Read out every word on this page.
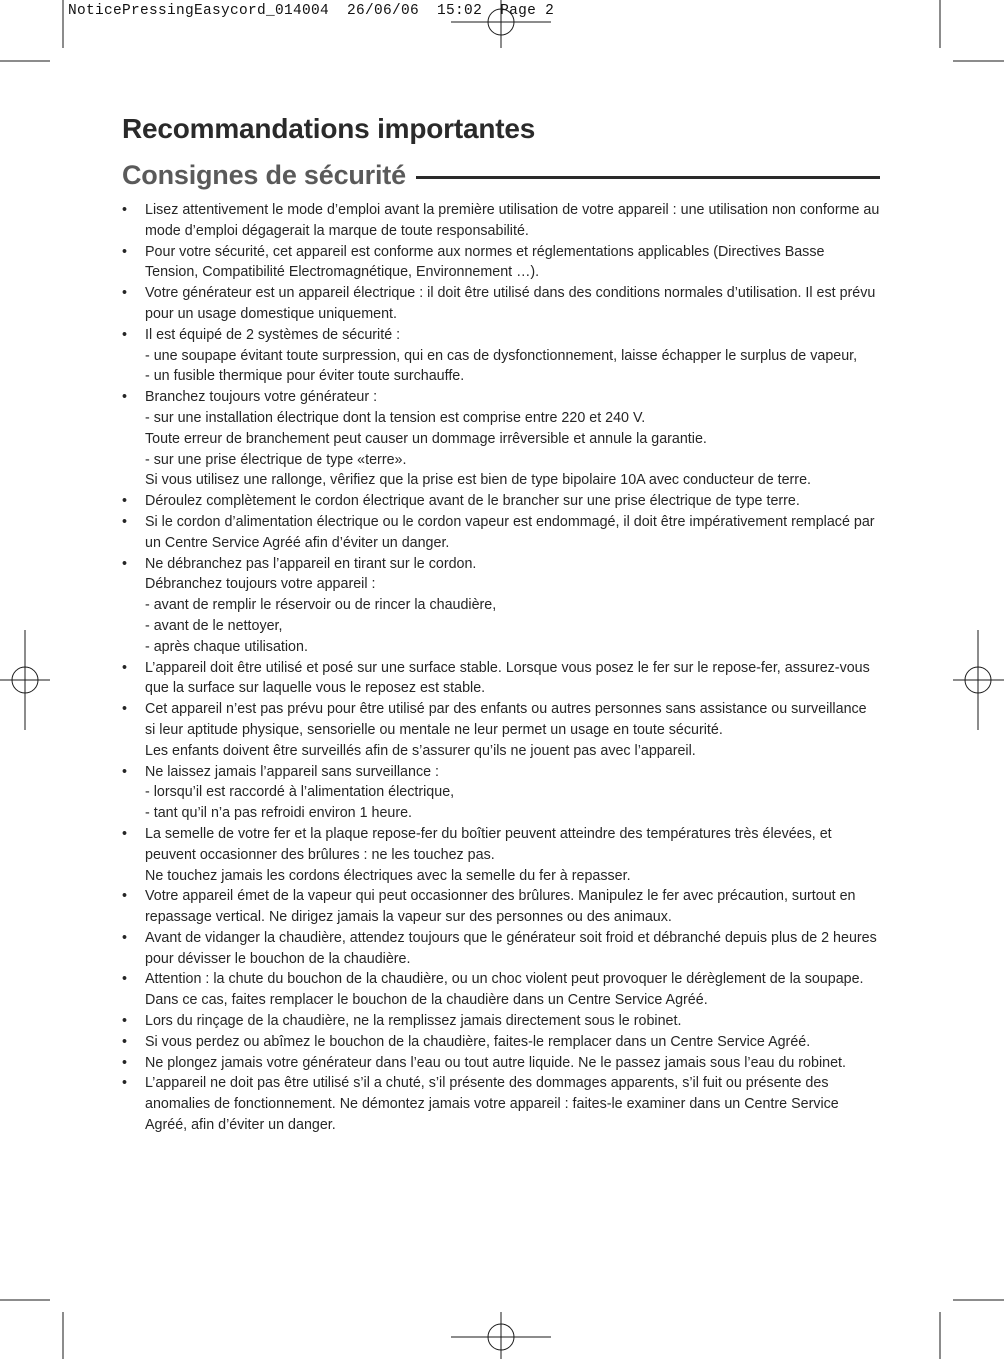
NoticePressingEasycord_014004  26/06/06  15:02  Page 2
Recommandations importantes
Consignes de sécurité
• Lisez attentivement le mode d’emploi avant la première utilisation de votre appareil : une utilisation non conforme au mode d’emploi dégagerait la marque de toute responsabilité.
• Pour votre sécurité, cet appareil est conforme aux normes et réglementations applicables (Directives Basse Tension, Compatibilité Electromagnétique, Environnement …).
• Votre générateur est un appareil électrique : il doit être utilisé dans des conditions normales d’utilisation. Il est prévu pour un usage domestique uniquement.
• Il est équipé de 2 systèmes de sécurité :
- une soupape évitant toute surpression, qui en cas de dysfonctionnement, laisse échapper le surplus de vapeur,
- un fusible thermique pour éviter toute surchauffe.
• Branchez toujours votre générateur :
- sur une installation électrique dont la tension est comprise entre 220 et 240 V.
Toute erreur de branchement peut causer un dommage irrêversible et annule la garantie.
- sur une prise électrique de type «terre».
Si vous utilisez une rallonge, vêrifiez que la prise est bien de type bipolaire 10A avec conducteur de terre.
• Déroulez complètement le cordon électrique avant de le brancher sur une prise électrique de type terre.
• Si le cordon d’alimentation électrique ou le cordon vapeur est endommagé, il doit être impérativement remplacé par un Centre Service Agréé afin d’éviter un danger.
• Ne débranchez pas l’appareil en tirant sur le cordon.
Débranchez toujours votre appareil :
- avant de remplir le réservoir ou de rincer la chaudière,
- avant de le nettoyer,
- après chaque utilisation.
• L’appareil doit être utilisé et posé sur une surface stable. Lorsque vous posez le fer sur le repose-fer, assurez-vous que la surface sur laquelle vous le reposez est stable.
• Cet appareil n’est pas prévu pour être utilisé par des enfants ou autres personnes sans assistance ou surveillance si leur aptitude physique, sensorielle ou mentale ne leur permet un usage en toute sécurité.
Les enfants doivent être surveillés afin de s’assurer qu’ils ne jouent pas avec l’appareil.
• Ne laissez jamais l’appareil sans surveillance :
- lorsqu’il est raccordé à l’alimentation électrique,
- tant qu’il n’a pas refroidi environ 1 heure.
• La semelle de votre fer et la plaque repose-fer du boîtier peuvent atteindre des températures très élevées, et peuvent occasionner des brûlures : ne les touchez pas.
Ne touchez jamais les cordons électriques avec la semelle du fer à repasser.
• Votre appareil émet de la vapeur qui peut occasionner des brûlures. Manipulez le fer avec précaution, surtout en repassage vertical. Ne dirigez jamais la vapeur sur des personnes ou des animaux.
• Avant de vidanger la chaudière, attendez toujours que le générateur soit froid et débranché depuis plus de 2 heures pour dévisser le bouchon de la chaudière.
• Attention : la chute du bouchon de la chaudière, ou un choc violent peut provoquer le dérèglement de la soupape. Dans ce cas, faites remplacer le bouchon de la chaudière dans un Centre Service Agréé.
• Lors du rinçage de la chaudière, ne la remplissez jamais directement sous le robinet.
• Si vous perdez ou abîmez le bouchon de la chaudière, faites-le remplacer dans un Centre Service Agréé.
• Ne plongez jamais votre générateur dans l’eau ou tout autre liquide. Ne le passez jamais sous l’eau du robinet.
• L’appareil ne doit pas être utilisé s’il a chuté, s’il présente des dommages apparents, s’il fuit ou présente des anomalies de fonctionnement. Ne démontez jamais votre appareil : faites-le examiner dans un Centre Service Agréé, afin d’éviter un danger.
